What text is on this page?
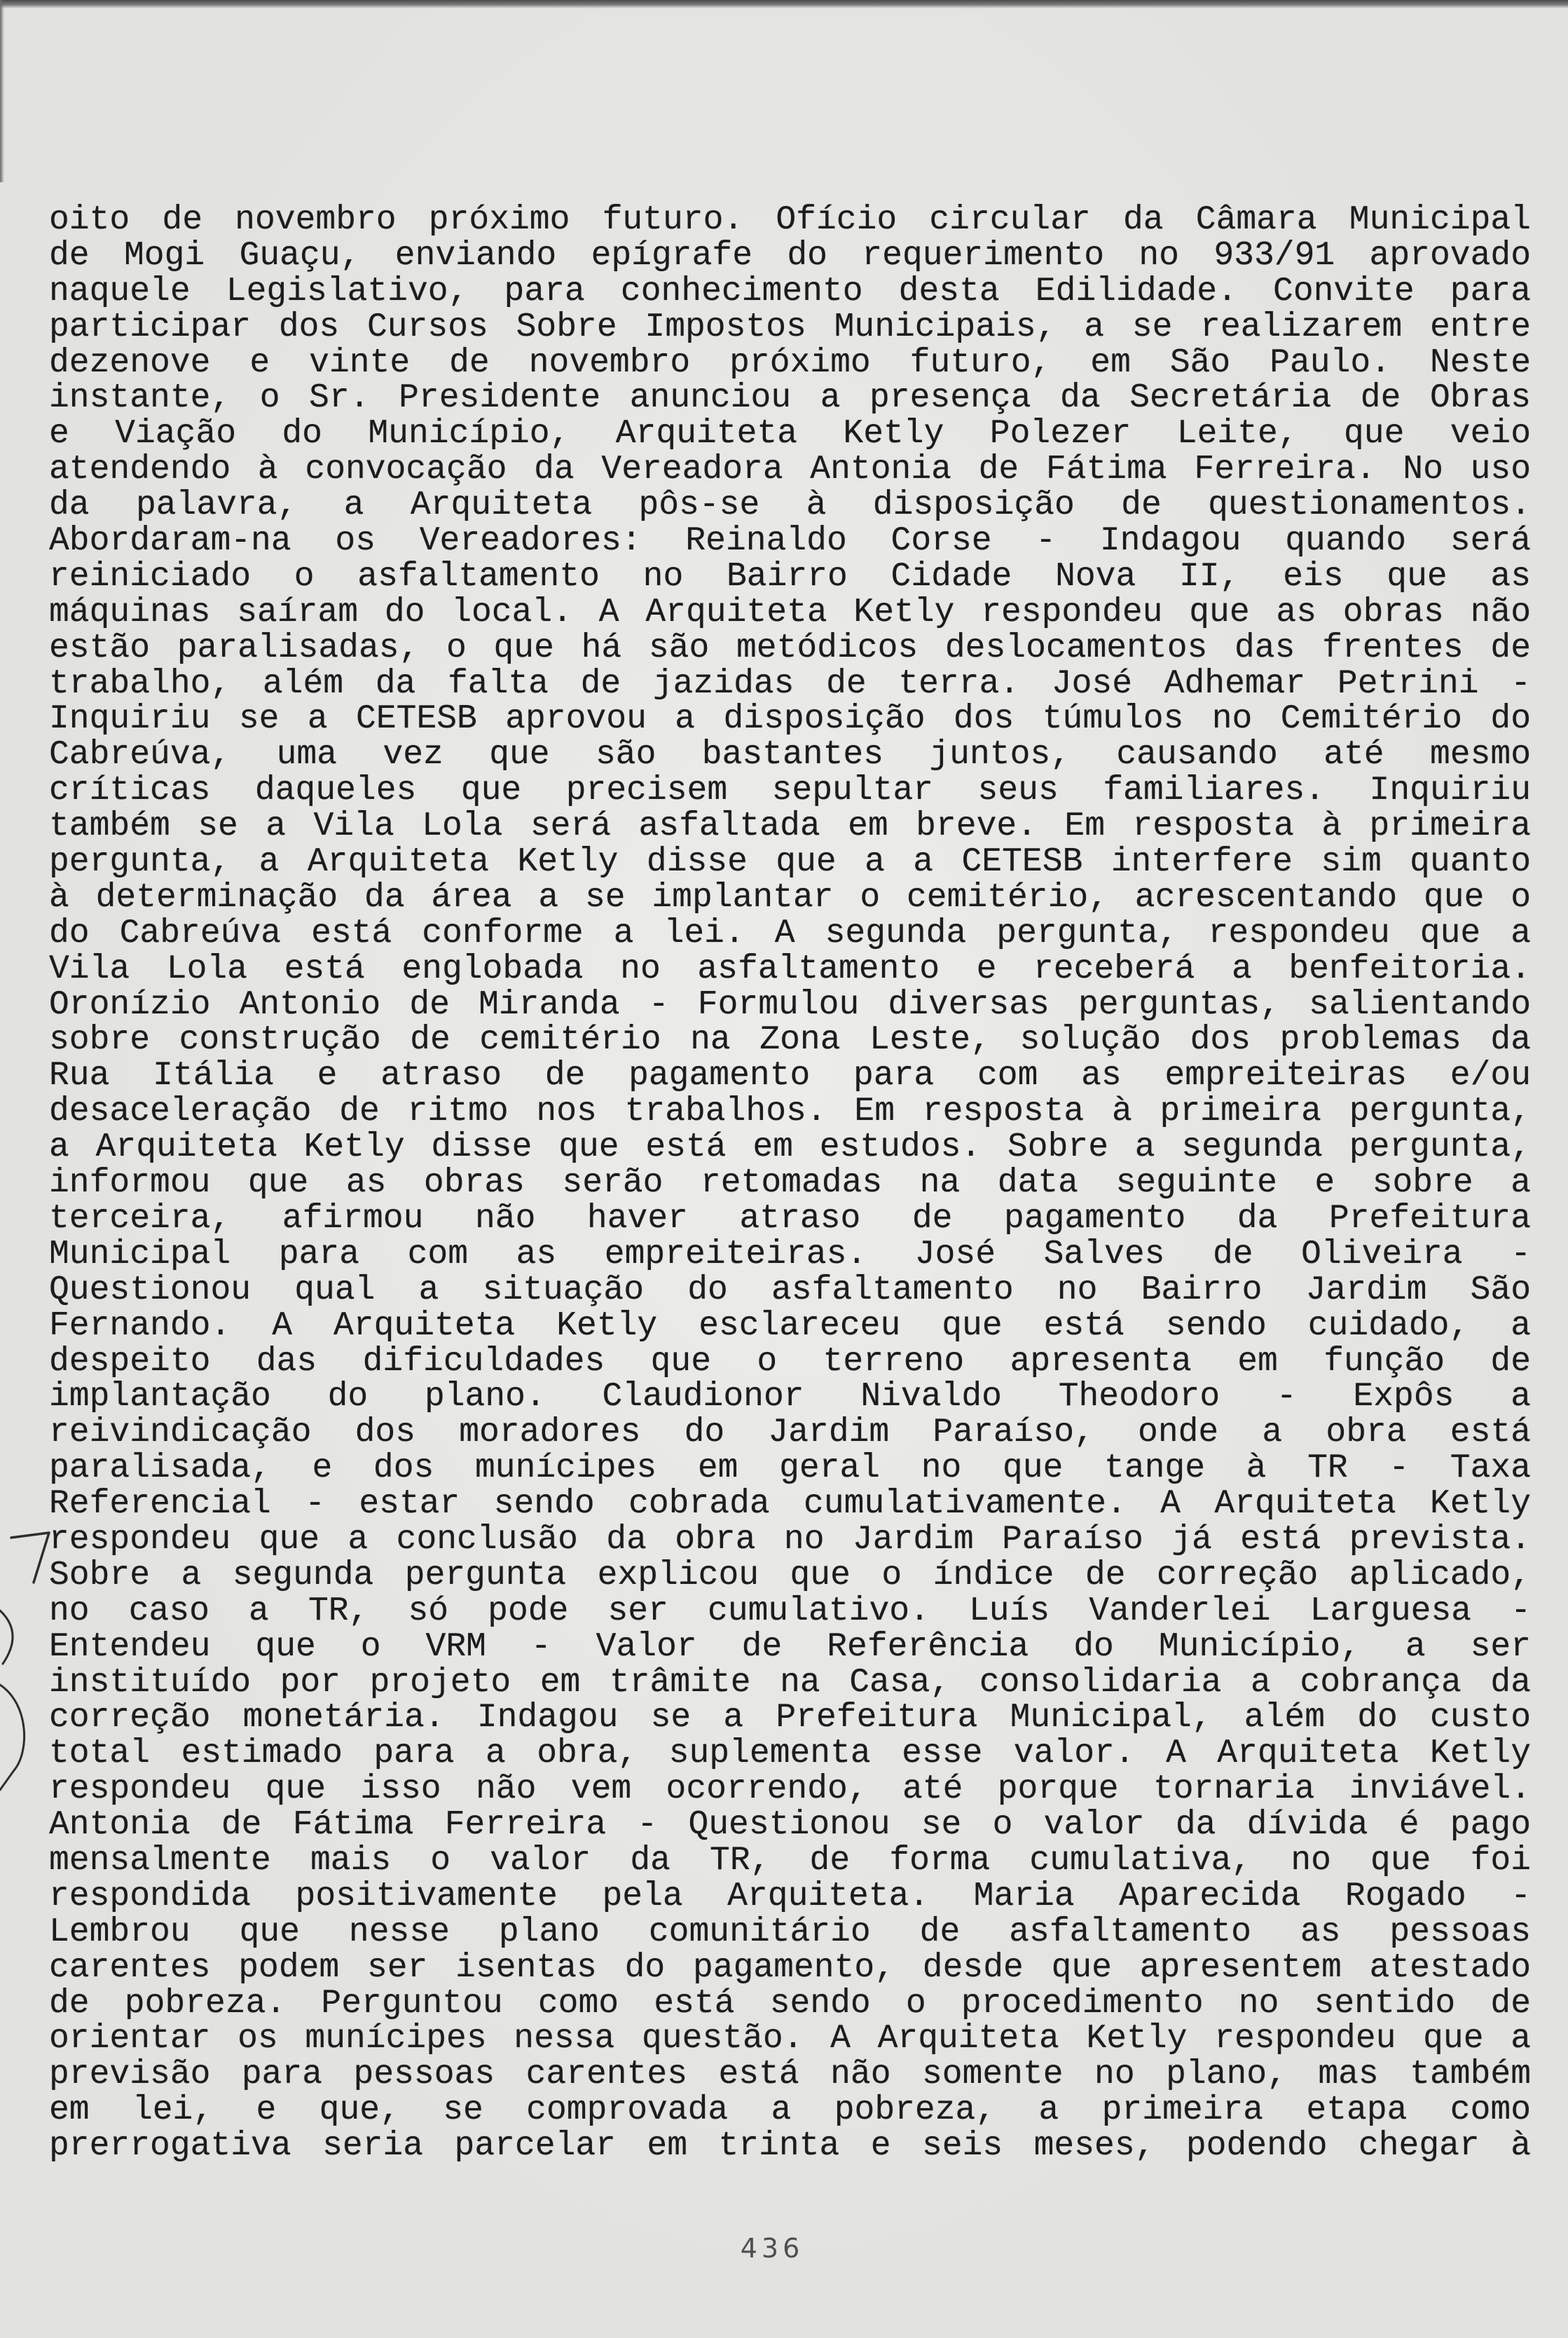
oito de novembro próximo futuro. Ofício circular da Câmara Municipal
de Mogi Guaçu, enviando epígrafe do requerimento no 933/91 aprovado
naquele Legislativo, para conhecimento desta Edilidade. Convite para
participar dos Cursos Sobre Impostos Municipais, a se realizarem entre
dezenove e vinte de novembro próximo futuro, em São Paulo. Neste
instante, o Sr. Presidente anunciou a presença da Secretária de Obras
e Viação do Município, Arquiteta Ketly Polezer Leite, que veio
atendendo à convocação da Vereadora Antonia de Fátima Ferreira. No uso
da palavra, a Arquiteta pôs-se à disposição de questionamentos.
Abordaram-na os Vereadores: Reinaldo Corse - Indagou quando será
reiniciado o asfaltamento no Bairro Cidade Nova II, eis que as
máquinas saíram do local. A Arquiteta Ketly respondeu que as obras não
estão paralisadas, o que há são metódicos deslocamentos das frentes de
trabalho, além da falta de jazidas de terra. José Adhemar Petrini -
Inquiriu se a CETESB aprovou a disposição dos túmulos no Cemitério do
Cabreúva, uma vez que são bastantes juntos, causando até mesmo
críticas daqueles que precisem sepultar seus familiares. Inquiriu
também se a Vila Lola será asfaltada em breve. Em resposta à primeira
pergunta, a Arquiteta Ketly disse que a a CETESB interfere sim quanto
à determinação da área a se implantar o cemitério, acrescentando que o
do Cabreúva está conforme a lei. A segunda pergunta, respondeu que a
Vila Lola está englobada no asfaltamento e receberá a benfeitoria.
Oronízio Antonio de Miranda - Formulou diversas perguntas, salientando
sobre construção de cemitério na Zona Leste, solução dos problemas da
Rua Itália e atraso de pagamento para com as empreiteiras e/ou
desaceleração de ritmo nos trabalhos. Em resposta à primeira pergunta,
a Arquiteta Ketly disse que está em estudos. Sobre a segunda pergunta,
informou que as obras serão retomadas na data seguinte e sobre a
terceira, afirmou não haver atraso de pagamento da Prefeitura
Municipal para com as empreiteiras. José Salves de Oliveira -
Questionou qual a situação do asfaltamento no Bairro Jardim São
Fernando. A Arquiteta Ketly esclareceu que está sendo cuidado, a
despeito das dificuldades que o terreno apresenta em função de
implantação do plano. Claudionor Nivaldo Theodoro - Expôs a
reivindicação dos moradores do Jardim Paraíso, onde a obra está
paralisada, e dos munícipes em geral no que tange à TR - Taxa
Referencial - estar sendo cobrada cumulativamente. A Arquiteta Ketly
respondeu que a conclusão da obra no Jardim Paraíso já está prevista.
Sobre a segunda pergunta explicou que o índice de correção aplicado,
no caso a TR, só pode ser cumulativo. Luís Vanderlei Larguesa -
Entendeu que o VRM - Valor de Referência do Município, a ser
instituído por projeto em trâmite na Casa, consolidaria a cobrança da
correção monetária. Indagou se a Prefeitura Municipal, além do custo
total estimado para a obra, suplementa esse valor. A Arquiteta Ketly
respondeu que isso não vem ocorrendo, até porque tornaria inviável.
Antonia de Fátima Ferreira - Questionou se o valor da dívida é pago
mensalmente mais o valor da TR, de forma cumulativa, no que foi
respondida positivamente pela Arquiteta. Maria Aparecida Rogado -
Lembrou que nesse plano comunitário de asfaltamento as pessoas
carentes podem ser isentas do pagamento, desde que apresentem atestado
de pobreza. Perguntou como está sendo o procedimento no sentido de
orientar os munícipes nessa questão. A Arquiteta Ketly respondeu que a
previsão para pessoas carentes está não somente no plano, mas também
em lei, e que, se comprovada a pobreza, a primeira etapa como
prerrogativa seria parcelar em trinta e seis meses, podendo chegar à
436
